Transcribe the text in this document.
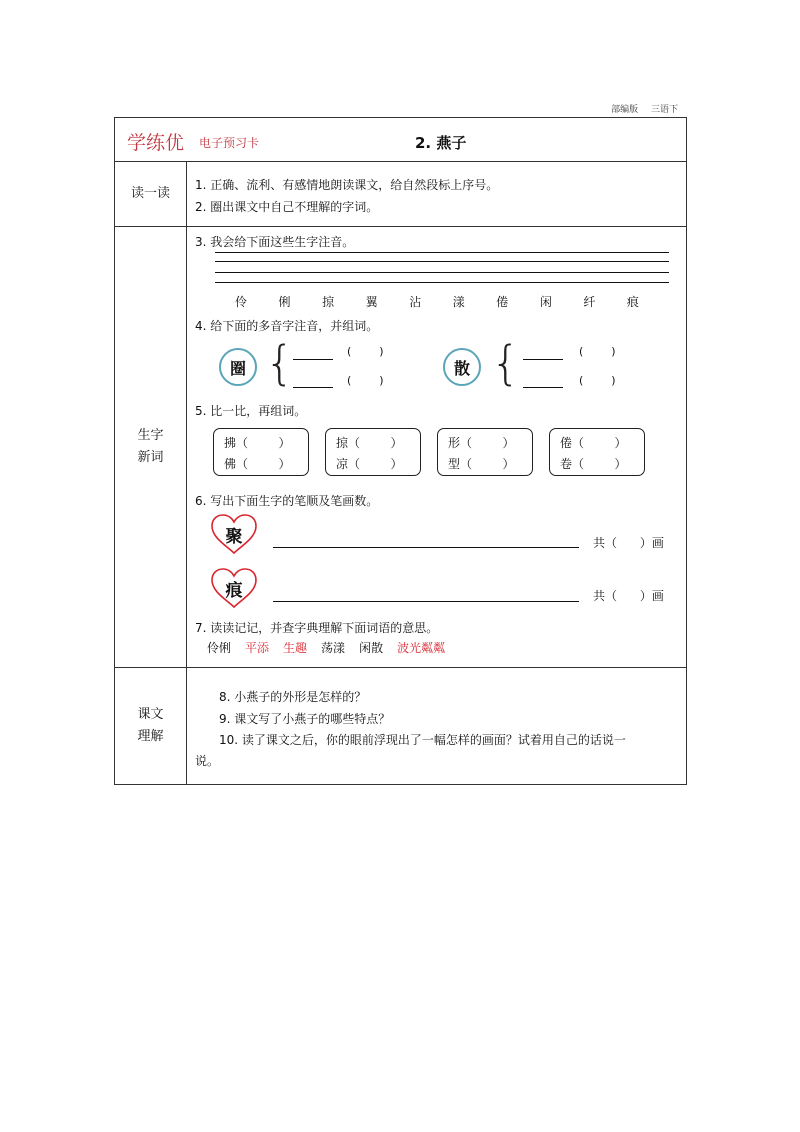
部编版 三语下
学练优 电子预习卡	2. 燕子
读一读
1. 正确、流利、有感情地朗读课文，给自然段标上序号。
2. 圈出课文中自己不理解的字词。
生字
新词
3. 我会给下面这些生字注音。
伶	俐	掠	翼	沾	漾	倦	闲	纤	痕
4. 给下面的多音字注音，并组词。
圈 {	(        )
(        )
散 {	(        )
(        )
5. 比一比，再组词。
拂（        ）
佛（        ）
掠（        ）
凉（        ）
形（        ）
型（        ）
倦（        ）
卷（        ）
6. 写出下面生字的笔顺及笔画数。
聚	共（      ）画
痕	共（      ）画
7. 读读记记，并查字典理解下面词语的意思。
伶俐 平添 生趣 荡漾 闲散 波光粼粼
课文
理解
8. 小燕子的外形是怎样的？
9. 课文写了小燕子的哪些特点？
10. 读了课文之后，你的眼前浮现出了一幅怎样的画面？试着用自己的话说一
说。
